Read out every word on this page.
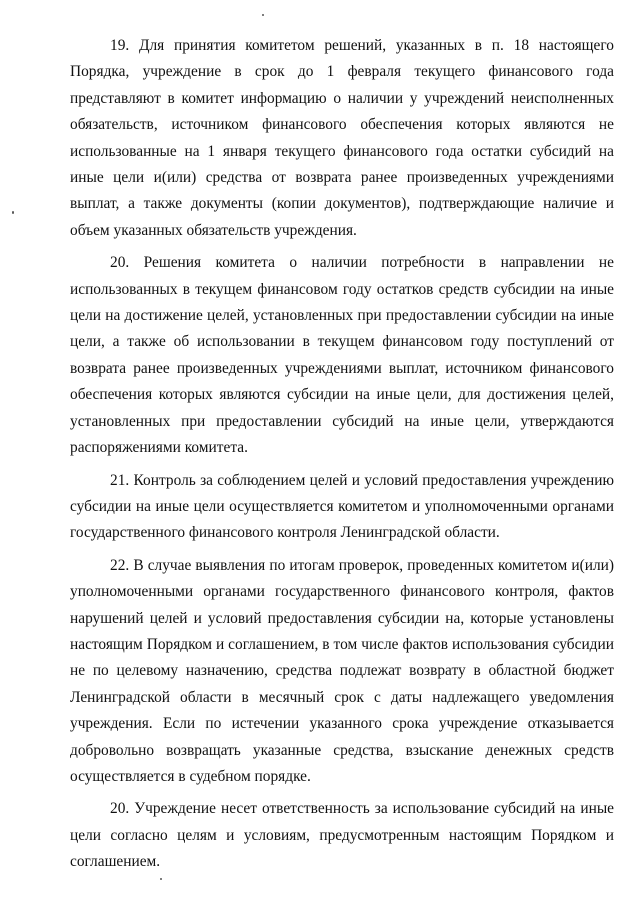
19. Для принятия комитетом решений, указанных в п. 18 настоящего Порядка, учреждение в срок до 1 февраля текущего финансового года представляют в комитет информацию о наличии у учреждений неисполненных обязательств, источником финансового обеспечения которых являются не использованные на 1 января текущего финансового года остатки субсидий на иные цели и(или) средства от возврата ранее произведенных учреждениями выплат, а также документы (копии документов), подтверждающие наличие и объем указанных обязательств учреждения.

20. Решения комитета о наличии потребности в направлении не использованных в текущем финансовом году остатков средств субсидии на иные цели на достижение целей, установленных при предоставлении субсидии на иные цели, а также об использовании в текущем финансовом году поступлений от возврата ранее произведенных учреждениями выплат, источником финансового обеспечения которых являются субсидии на иные цели, для достижения целей, установленных при предоставлении субсидий на иные цели, утверждаются распоряжениями комитета.

21. Контроль за соблюдением целей и условий предоставления учреждению субсидии на иные цели осуществляется комитетом и уполномоченными органами государственного финансового контроля Ленинградской области.

22. В случае выявления по итогам проверок, проведенных комитетом и(или) уполномоченными органами государственного финансового контроля, фактов нарушений целей и условий предоставления субсидии на, которые установлены настоящим Порядком и соглашением, в том числе фактов использования субсидии не по целевому назначению, средства подлежат возврату в областной бюджет Ленинградской области в месячный срок с даты надлежащего уведомления учреждения. Если по истечении указанного срока учреждение отказывается добровольно возвращать указанные средства, взыскание денежных средств осуществляется в судебном порядке.

20. Учреждение несет ответственность за использование субсидий на иные цели согласно целям и условиям, предусмотренным настоящим Порядком и соглашением.
